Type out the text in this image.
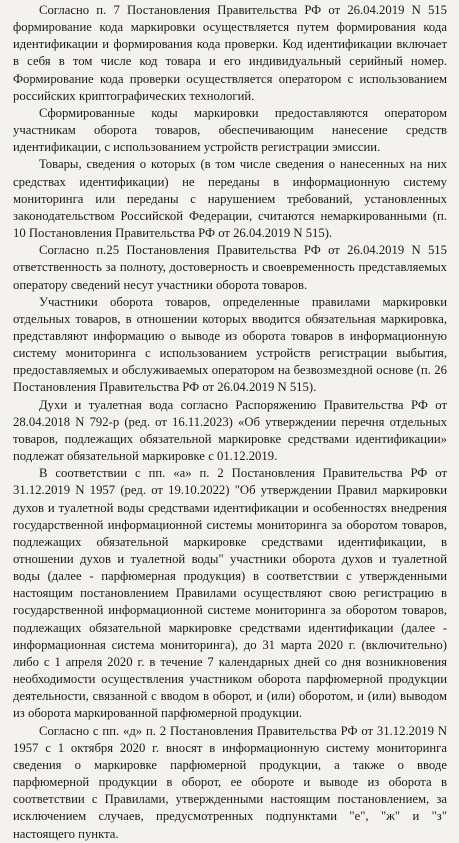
Согласно п. 7 Постановления Правительства РФ от 26.04.2019 N 515 формирование кода маркировки осуществляется путем формирования кода идентификации и формирования кода проверки. Код идентификации включает в себя в том числе код товара и его индивидуальный серийный номер. Формирование кода проверки осуществляется оператором с использованием российских криптографических технологий.

Сформированные коды маркировки предоставляются оператором участникам оборота товаров, обеспечивающим нанесение средств идентификации, с использованием устройств регистрации эмиссии.

Товары, сведения о которых (в том числе сведения о нанесенных на них средствах идентификации) не переданы в информационную систему мониторинга или переданы с нарушением требований, установленных законодательством Российской Федерации, считаются немаркированными (п. 10 Постановления Правительства РФ от 26.04.2019 N 515).

Согласно п.25 Постановления Правительства РФ от 26.04.2019 N 515 ответственность за полноту, достоверность и своевременность представляемых оператору сведений несут участники оборота товаров.

Участники оборота товаров, определенные правилами маркировки отдельных товаров, в отношении которых вводится обязательная маркировка, представляют информацию о выводе из оборота товаров в информационную систему мониторинга с использованием устройств регистрации выбытия, предоставляемых и обслуживаемых оператором на безвозмездной основе (п. 26 Постановления Правительства РФ от 26.04.2019 N 515).

Духи и туалетная вода согласно Распоряжению Правительства РФ от 28.04.2018 N 792-р (ред. от 16.11.2023) «Об утверждении перечня отдельных товаров, подлежащих обязательной маркировке средствами идентификации» подлежат обязательной маркировке с 01.12.2019.

В соответствии с пп. «а» п. 2 Постановления Правительства РФ от 31.12.2019 N 1957 (ред. от 19.10.2022) "Об утверждении Правил маркировки духов и туалетной воды средствами идентификации и особенностях внедрения государственной информационной системы мониторинга за оборотом товаров, подлежащих обязательной маркировке средствами идентификации, в отношении духов и туалетной воды" участники оборота духов и туалетной воды (далее - парфюмерная продукция) в соответствии с утвержденными настоящим постановлением Правилами осуществляют свою регистрацию в государственной информационной системе мониторинга за оборотом товаров, подлежащих обязательной маркировке средствами идентификации (далее - информационная система мониторинга), до 31 марта 2020 г. (включительно) либо с 1 апреля 2020 г. в течение 7 календарных дней со дня возникновения необходимости осуществления участником оборота парфюмерной продукции деятельности, связанной с вводом в оборот, и (или) оборотом, и (или) выводом из оборота маркированной парфюмерной продукции.

Согласно с пп. «д» п. 2 Постановления Правительства РФ от 31.12.2019 N 1957 с 1 октября 2020 г. вносят в информационную систему мониторинга сведения о маркировке парфюмерной продукции, а также о вводе парфюмерной продукции в оборот, ее обороте и выводе из оборота в соответствии с Правилами, утвержденными настоящим постановлением, за исключением случаев, предусмотренных подпунктами "е", "ж" и "з" настоящего пункта.
